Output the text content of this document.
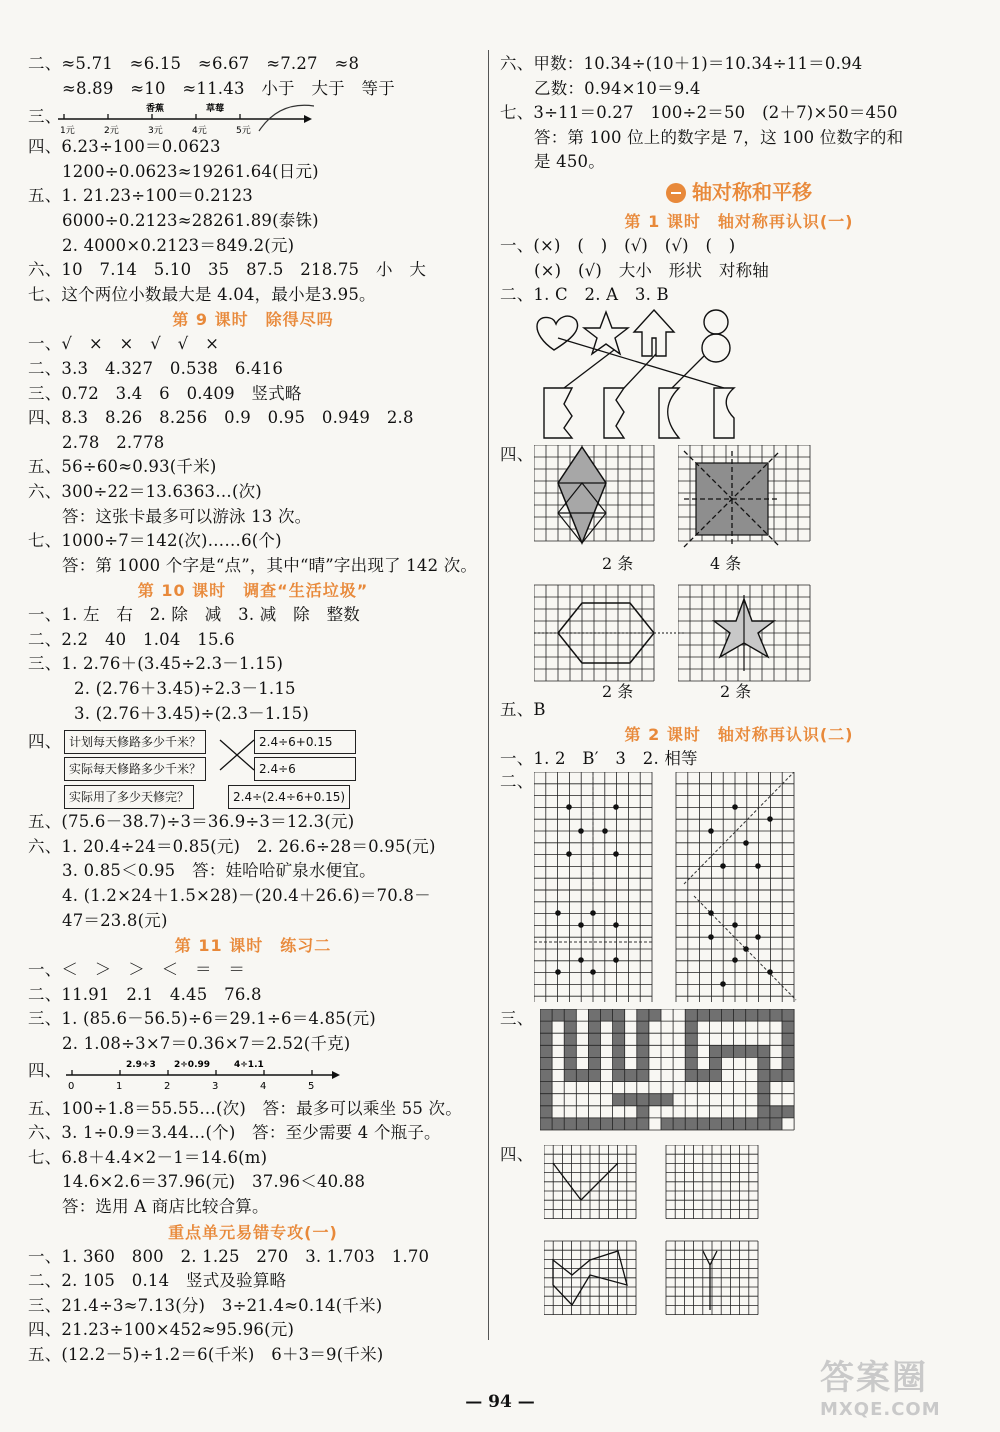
二、≈5.71　≈6.15　≈6.67　≈7.27　≈8
≈8.89　≈10　≈11.43　小于　大于　等于
三、
1元	2元	3元	4元	5元
香蕉	草莓
四、6.23÷100＝0.0623
1200÷0.0623≈19261.64(日元)
五、1. 21.23÷100＝0.2123
6000÷0.2123≈28261.89(泰铢)
2. 4000×0.2123＝849.2(元)
六、10　7.14　5.10　35　87.5　218.75　小　大
七、这个两位小数最大是 4.04，最小是3.95。
第 9 课时　除得尽吗
一、√　×　×　√　√　×
二、3.3　4.327　0.538　6.416
三、0.72　3.4　6　0.409　竖式略
四、8.3　8.26　8.256　0.9　0.95　0.949　2.8
2.78　2.778
五、56÷60≈0.93(千米)
六、300÷22＝13.6363…(次)
答：这张卡最多可以游泳 13 次。
七、1000÷7＝142(次)……6(个)
答：第 1000 个字是“点”，其中“晴”字出现了 142 次。
第 10 课时　调查“生活垃圾”
一、1. 左　右　2. 除　减　3. 减　除　整数
二、2.2　40　1.04　15.6
三、1. 2.76＋(3.45÷2.3－1.15)
2. (2.76＋3.45)÷2.3－1.15
3. (2.76＋3.45)÷(2.3－1.15)
四、 计划每天修路多少千米？
实际每天修路多少千米？
实际用了多少天修完？
2.4÷6+0.15
2.4÷6
2.4÷(2.4÷6+0.15)
五、(75.6－38.7)÷3＝36.9÷3＝12.3(元)
六、1. 20.4÷24＝0.85(元)　2. 26.6÷28＝0.95(元)
3. 0.85＜0.95　答：娃哈哈矿泉水便宜。
4. (1.2×24＋1.5×28)－(20.4＋26.6)＝70.8－
47＝23.8(元)
第 11 课时　练习二
一、＜　＞　＞　＜　＝　＝
二、11.91　2.1　4.45　76.8
三、1. (85.6－56.5)÷6＝29.1÷6＝4.85(元)
2. 1.08÷3×7＝0.36×7＝2.52(千克)
四、
0	1	2	3	4	5
2.9÷3 2÷0.99	4÷1.1
五、100÷1.8＝55.55…(次)　答：最多可以乘坐 55 次。
六、3. 1÷0.9＝3.44…(个)　答：至少需要 4 个瓶子。
七、6.8＋4.4×2－1＝14.6(m)
14.6×2.6＝37.96(元)　37.96＜40.88
答：选用 A 商店比较合算。
重点单元易错专攻(一)
一、1. 360　800　2. 1.25　270　3. 1.703　1.70
二、2. 105　0.14　竖式及验算略
三、21.4÷3≈7.13(分)　3÷21.4≈0.14(千米)
四、21.23÷100×452≈95.96(元)
五、(12.2－5)÷1.2＝6(千米)　6＋3＝9(千米)
六、甲数：10.34÷(10＋1)＝10.34÷11＝0.94
乙数：0.94×10＝9.4
七、3÷11＝0.27　100÷2＝50　(2＋7)×50＝450
答：第 100 位上的数字是 7，这 100 位数字的和
是 450。
轴对称和平移
第 1 课时　轴对称再认识(一)
一、(×)　(　)　(√)　(√)　(　)
(×)　(√)　大小　形状　对称轴
二、1. C　2. A　3. B
四、
2 条	4 条
2 条	2 条
五、B
第 2 课时　轴对称再认识(二)
一、1. 2　B′　3　2. 相等
二、
三、
四、
— 94 —
答案圈
MXQE.COM
